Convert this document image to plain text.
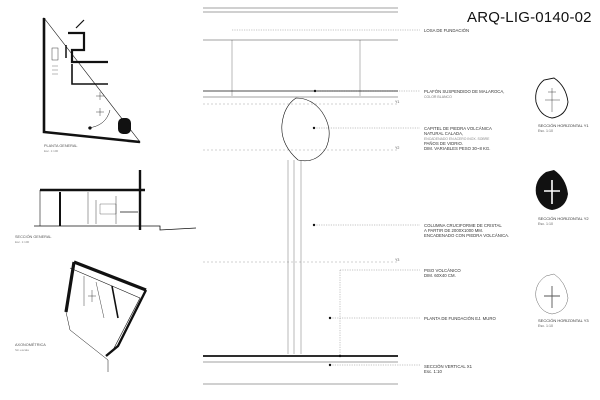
PLANTA GENERAL
Esc. 1:100
SECCIÓN GENERAL
Esc. 1:100
AXONOMÉTRICA
Sin escala
Y1
Y2
Y3
LOSA DE FUNDACIÓN
PLAFÓN SUSPENDIDO DE MALAROCA, COLOR BLANCO
CAPITEL DE PIEDRA VOLCÁNICA NATURAL CALADA, ENCADENADO EN ACERO INOX. SOBRE PAÑOS DE VIDRIO. DIM. VARIABLES PESO 30~8 KG.
COLUMNA CRUCIFORME DE CRISTAL A PARTIR DE 2000X1000 MM. ENCADENADO CON PIEDRA VOLCÁNICA.
PISO VOLCÁNICO DIM. 60X40 CM.
PLANTA DE FUNDACIÓN EJ. MURO
SECCIÓN VERTICAL X1 Esc. 1:10
SECCIÓN HORIZONTAL Y1
Esc. 1:10
SECCIÓN HORIZONTAL Y2
Esc. 1:10
SECCIÓN HORIZONTAL Y3
Esc. 1:10
ARQ-LIG-0140-02
